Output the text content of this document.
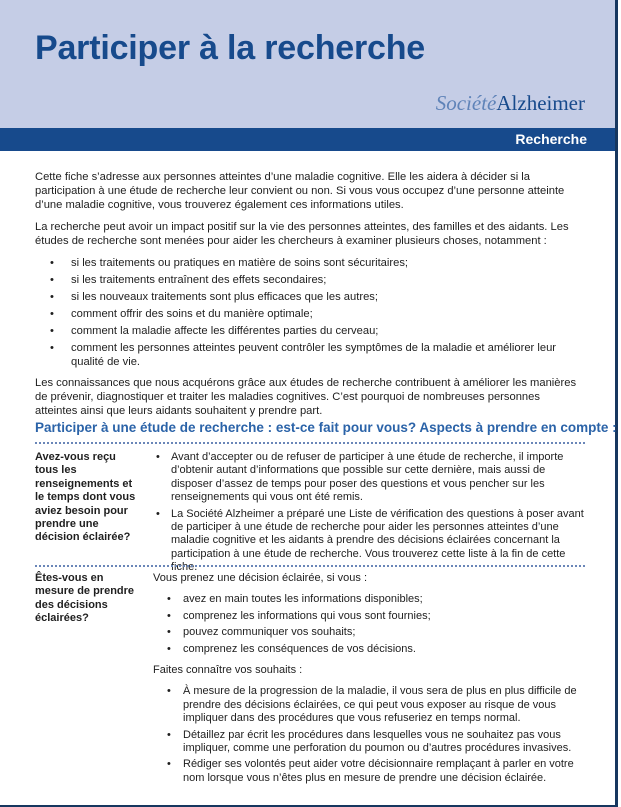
Participer à la recherche
SociétéAlzheimer
Recherche

Cette fiche s’adresse aux personnes atteintes d’une maladie cognitive. Elle les aidera à décider si la participation à une étude de recherche leur convient ou non. Si vous vous occupez d’une personne atteinte d’une maladie cognitive, vous trouverez également ces informations utiles.

La recherche peut avoir un impact positif sur la vie des personnes atteintes, des familles et des aidants. Les études de recherche sont menées pour aider les chercheurs à examiner plusieurs choses, notamment :

• si les traitements ou pratiques en matière de soins sont sécuritaires;
• si les traitements entraînent des effets secondaires;
• si les nouveaux traitements sont plus efficaces que les autres;
• comment offrir des soins et du manière optimale;
• comment la maladie affecte les différentes parties du cerveau;
• comment les personnes atteintes peuvent contrôler les symptômes de la maladie et améliorer leur qualité de vie.

Les connaissances que nous acquérons grâce aux études de recherche contribuent à améliorer les manières de prévenir, diagnostiquer et traiter les maladies cognitives. C’est pourquoi de nombreuses personnes atteintes ainsi que leurs aidants souhaitent y prendre part.

Participer à une étude de recherche : est-ce fait pour vous? Aspects à prendre en compte :
Avez-vous reçu tous les renseignements et le temps dont vous aviez besoin pour prendre une décision éclairée?
• Avant d’accepter ou de refuser de participer à une étude de recherche, il importe d’obtenir autant d’informations que possible sur cette dernière, mais aussi de disposer d’assez de temps pour poser des questions et vous pencher sur les renseignements qui vous ont été remis.
• La Société Alzheimer a préparé une Liste de vérification des questions à poser avant de participer à une étude de recherche pour aider les personnes atteintes d’une maladie cognitive et les aidants à prendre des décisions éclairées concernant la participation à une étude de recherche. Vous trouverez cette liste à la fin de cette fiche.
Êtes-vous en mesure de prendre des décisions éclairées?

Vous prenez une décision éclairée, si vous :

• avez en main toutes les informations disponibles;
• comprenez les informations qui vous sont fournies;
• pouvez communiquer vos souhaits;
• comprenez les conséquences de vos décisions.

Faites connaître vos souhaits :

• À mesure de la progression de la maladie, il vous sera de plus en plus difficile de prendre des décisions éclairées, ce qui peut vous exposer au risque de vous impliquer dans des procédures que vous refuseriez en temps normal.
• Détaillez par écrit les procédures dans lesquelles vous ne souhaitez pas vous impliquer, comme une perforation du poumon ou d’autres procédures invasives.
• Rédiger ses volontés peut aider votre décisionnaire remplaçant à parler en votre nom lorsque vous n’êtes plus en mesure de prendre une décision éclairée.
